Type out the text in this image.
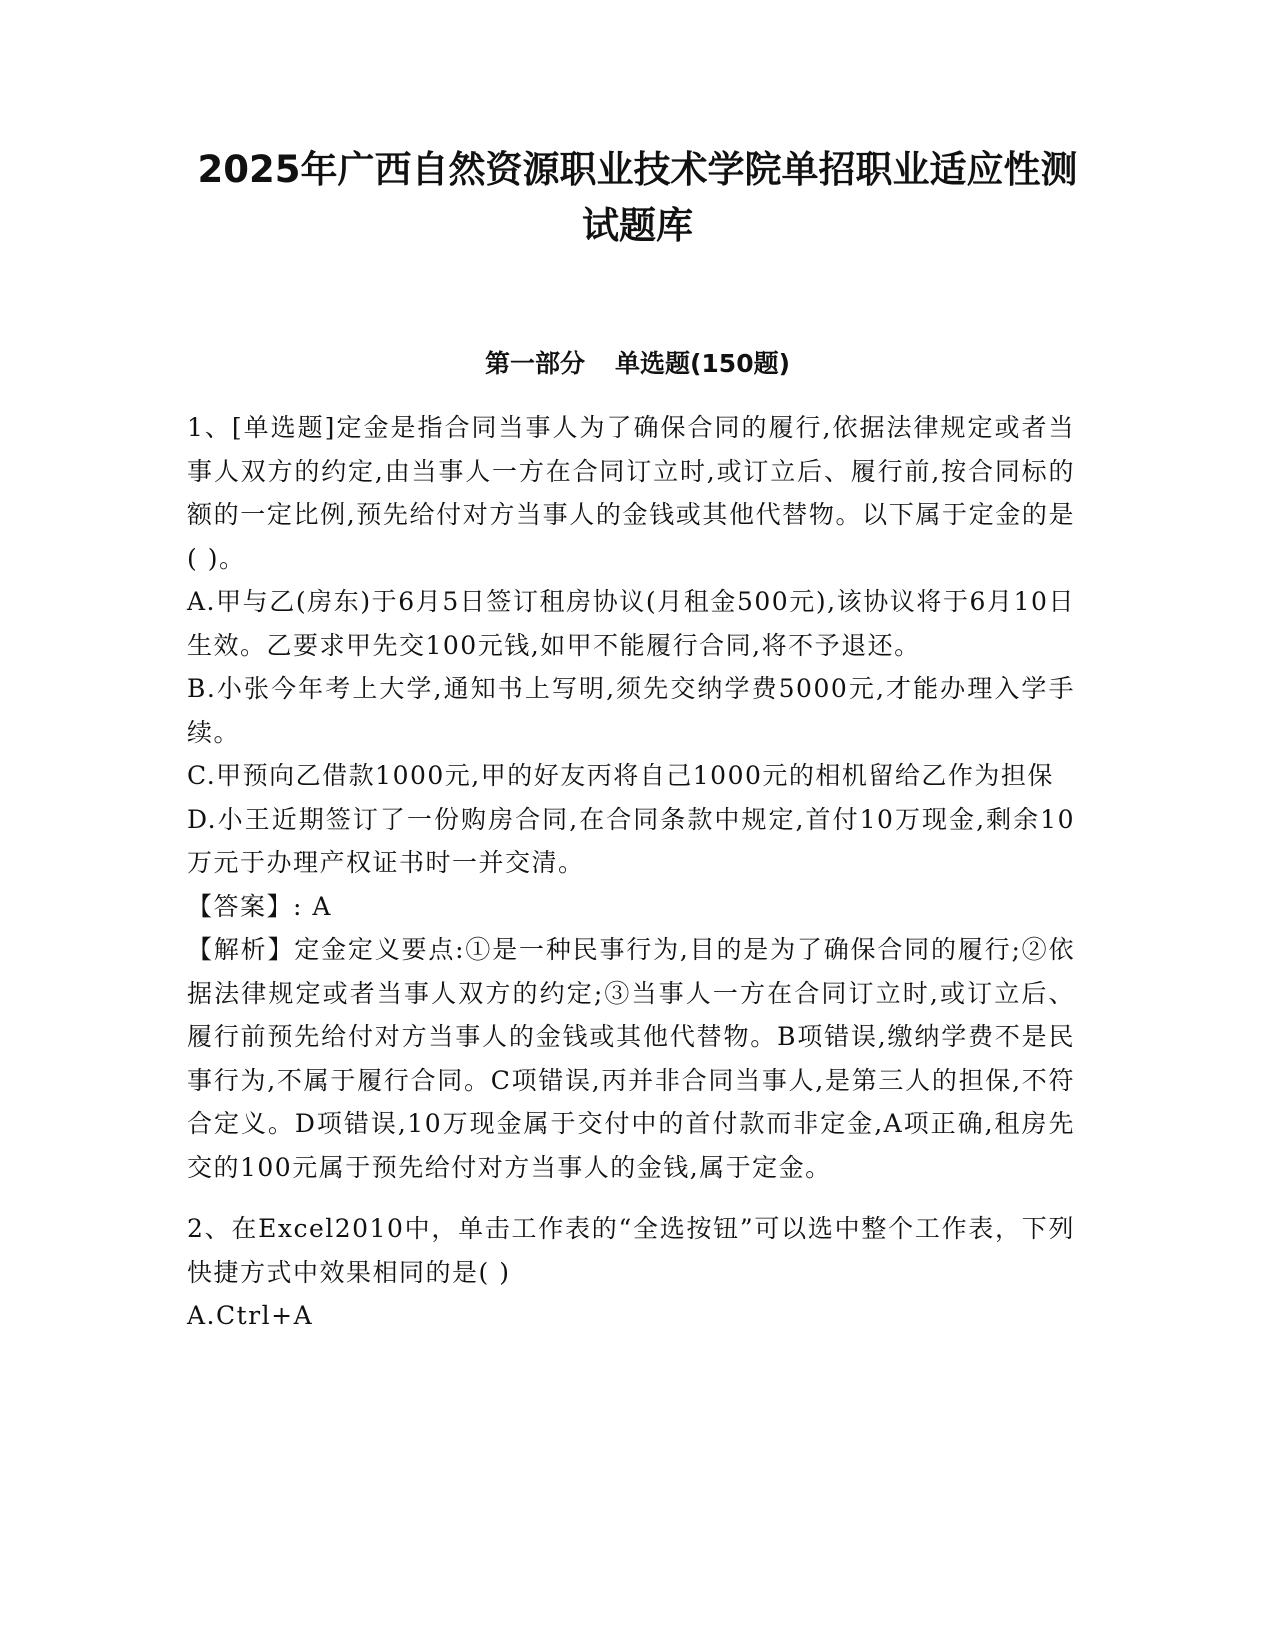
2025年广西自然资源职业技术学院单招职业适应性测
试题库
第一部分 单选题(150题)

1、[单选题]定金是指合同当事人为了确保合同的履行,依据法律规定或者当事人双方的约定,由当事人一方在合同订立时,或订立后、履行前,按合同标的额的一定比例,预先给付对方当事人的金钱或其他代替物。以下属于定金的是( )。

A.甲与乙(房东)于6月5日签订租房协议(月租金500元),该协议将于6月10日生效。乙要求甲先交100元钱,如甲不能履行合同,将不予退还。

B.小张今年考上大学,通知书上写明,须先交纳学费5000元,才能办理入学手续。

C.甲预向乙借款1000元,甲的好友丙将自己1000元的相机留给乙作为担保

D.小王近期签订了一份购房合同,在合同条款中规定,首付10万现金,剩余10万元于办理产权证书时一并交清。

【答案】: A

【解析】定金定义要点:①是一种民事行为,目的是为了确保合同的履行;②依据法律规定或者当事人双方的约定;③当事人一方在合同订立时,或订立后、履行前预先给付对方当事人的金钱或其他代替物。B项错误,缴纳学费不是民事行为,不属于履行合同。C项错误,丙并非合同当事人,是第三人的担保,不符合定义。D项错误,10万现金属于交付中的首付款而非定金,A项正确,租房先交的100元属于预先给付对方当事人的金钱,属于定金。

2、在Excel2010中，单击工作表的“全选按钮”可以选中整个工作表，下列快捷方式中效果相同的是( )

A.Ctrl+A
